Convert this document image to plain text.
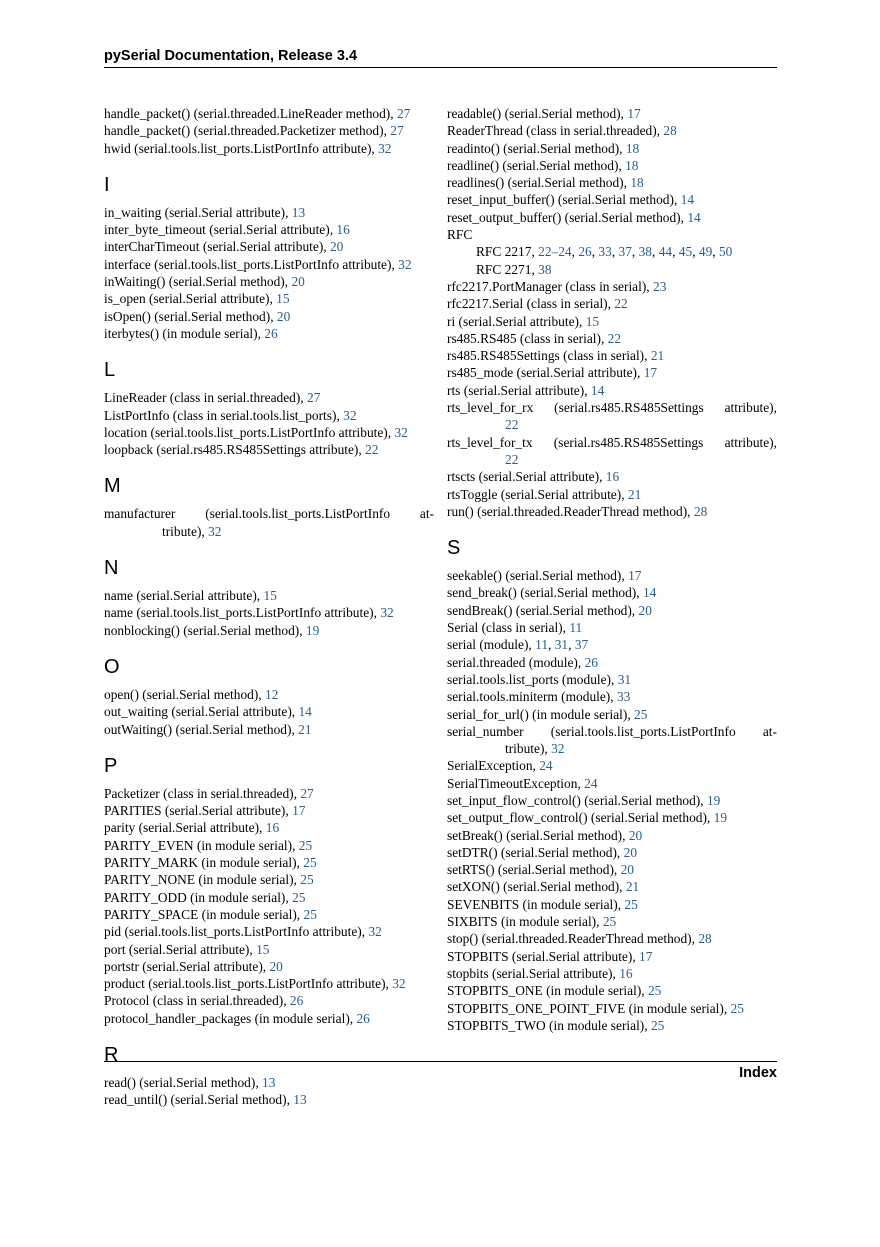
pySerial Documentation, Release 3.4
handle_packet() (serial.threaded.LineReader method), 27
handle_packet() (serial.threaded.Packetizer method), 27
hwid (serial.tools.list_ports.ListPortInfo attribute), 32
I
in_waiting (serial.Serial attribute), 13
inter_byte_timeout (serial.Serial attribute), 16
interCharTimeout (serial.Serial attribute), 20
interface (serial.tools.list_ports.ListPortInfo attribute), 32
inWaiting() (serial.Serial method), 20
is_open (serial.Serial attribute), 15
isOpen() (serial.Serial method), 20
iterbytes() (in module serial), 26
L
LineReader (class in serial.threaded), 27
ListPortInfo (class in serial.tools.list_ports), 32
location (serial.tools.list_ports.ListPortInfo attribute), 32
loopback (serial.rs485.RS485Settings attribute), 22
M
manufacturer (serial.tools.list_ports.ListPortInfo at-
tribute), 32
N
name (serial.Serial attribute), 15
name (serial.tools.list_ports.ListPortInfo attribute), 32
nonblocking() (serial.Serial method), 19
O
open() (serial.Serial method), 12
out_waiting (serial.Serial attribute), 14
outWaiting() (serial.Serial method), 21
P
Packetizer (class in serial.threaded), 27
PARITIES (serial.Serial attribute), 17
parity (serial.Serial attribute), 16
PARITY_EVEN (in module serial), 25
PARITY_MARK (in module serial), 25
PARITY_NONE (in module serial), 25
PARITY_ODD (in module serial), 25
PARITY_SPACE (in module serial), 25
pid (serial.tools.list_ports.ListPortInfo attribute), 32
port (serial.Serial attribute), 15
portstr (serial.Serial attribute), 20
product (serial.tools.list_ports.ListPortInfo attribute), 32
Protocol (class in serial.threaded), 26
protocol_handler_packages (in module serial), 26
R
read() (serial.Serial method), 13
read_until() (serial.Serial method), 13
readable() (serial.Serial method), 17
ReaderThread (class in serial.threaded), 28
readinto() (serial.Serial method), 18
readline() (serial.Serial method), 18
readlines() (serial.Serial method), 18
reset_input_buffer() (serial.Serial method), 14
reset_output_buffer() (serial.Serial method), 14
RFC
RFC 2217, 22–24, 26, 33, 37, 38, 44, 45, 49, 50
RFC 2271, 38
rfc2217.PortManager (class in serial), 23
rfc2217.Serial (class in serial), 22
ri (serial.Serial attribute), 15
rs485.RS485 (class in serial), 22
rs485.RS485Settings (class in serial), 21
rs485_mode (serial.Serial attribute), 17
rts (serial.Serial attribute), 14
rts_level_for_rx (serial.rs485.RS485Settings attribute),
22
rts_level_for_tx (serial.rs485.RS485Settings attribute),
22
rtscts (serial.Serial attribute), 16
rtsToggle (serial.Serial attribute), 21
run() (serial.threaded.ReaderThread method), 28
S
seekable() (serial.Serial method), 17
send_break() (serial.Serial method), 14
sendBreak() (serial.Serial method), 20
Serial (class in serial), 11
serial (module), 11, 31, 37
serial.threaded (module), 26
serial.tools.list_ports (module), 31
serial.tools.miniterm (module), 33
serial_for_url() (in module serial), 25
serial_number (serial.tools.list_ports.ListPortInfo at-
tribute), 32
SerialException, 24
SerialTimeoutException, 24
set_input_flow_control() (serial.Serial method), 19
set_output_flow_control() (serial.Serial method), 19
setBreak() (serial.Serial method), 20
setDTR() (serial.Serial method), 20
setRTS() (serial.Serial method), 20
setXON() (serial.Serial method), 21
SEVENBITS (in module serial), 25
SIXBITS (in module serial), 25
stop() (serial.threaded.ReaderThread method), 28
STOPBITS (serial.Serial attribute), 17
stopbits (serial.Serial attribute), 16
STOPBITS_ONE (in module serial), 25
STOPBITS_ONE_POINT_FIVE (in module serial), 25
STOPBITS_TWO (in module serial), 25
Index
